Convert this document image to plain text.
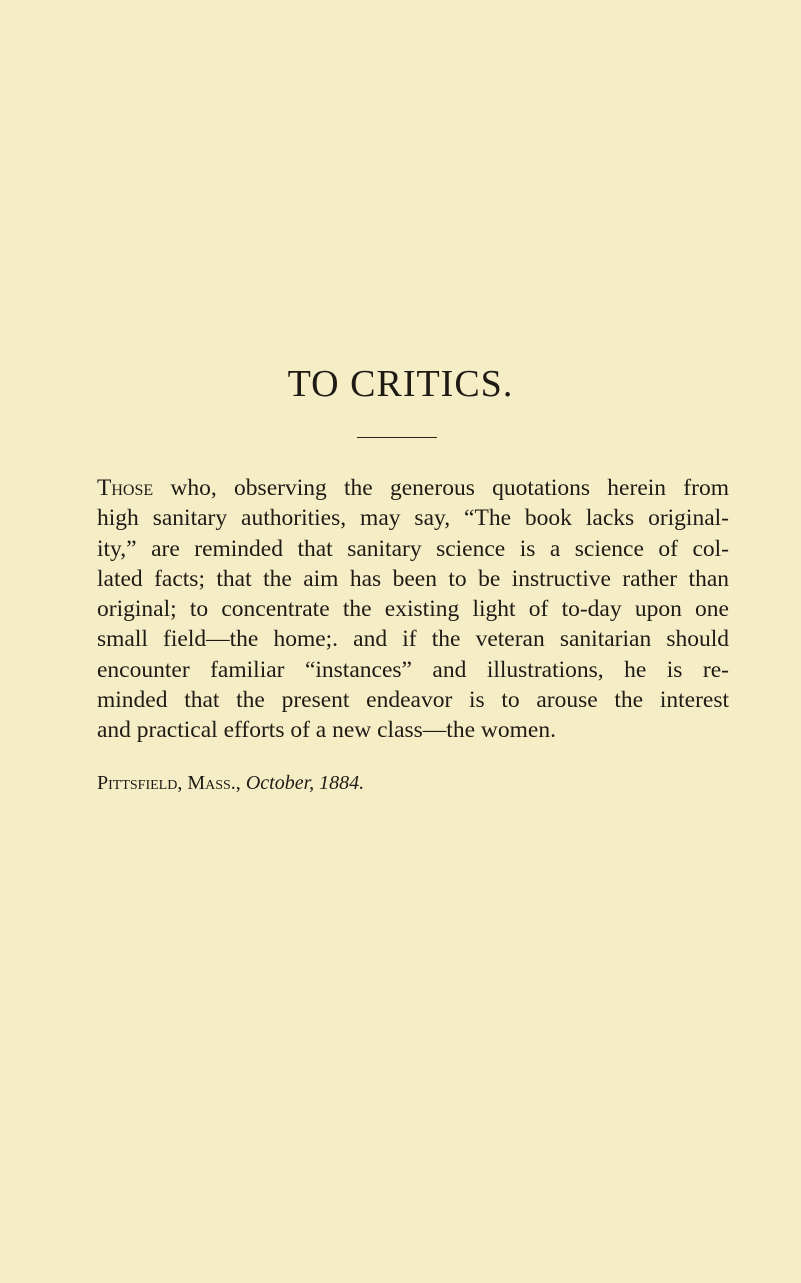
TO CRITICS.

Those who, observing the generous quotations herein from
high sanitary authorities, may say, “The book lacks original-
ity,” are reminded that sanitary science is a science of col-
lated facts; that the aim has been to be instructive rather than
original; to concentrate the existing light of to-day upon one
small field—the home;. and if the veteran sanitarian should
encounter familiar “instances” and illustrations, he is re-
minded that the present endeavor is to arouse the interest
and practical efforts of a new class—the women.

Pittsfield, Mass., October, 1884.
